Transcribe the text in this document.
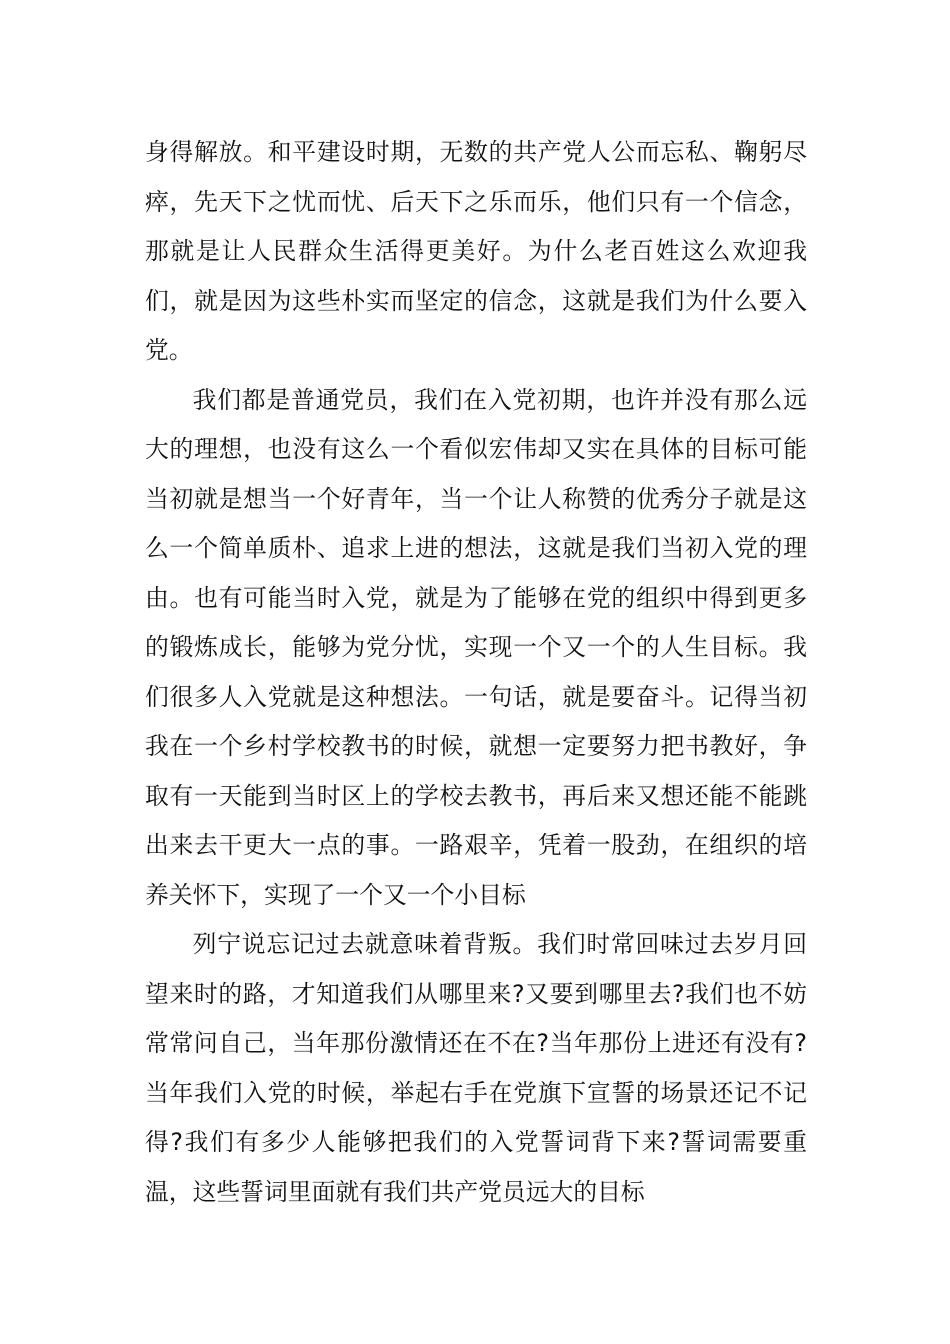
身得解放。和平建设时期，无数的共产党人公而忘私、鞠躬尽瘁，先天下之忧而忧、后天下之乐而乐，他们只有一个信念，那就是让人民群众生活得更美好。为什么老百姓这么欢迎我们，就是因为这些朴实而坚定的信念，这就是我们为什么要入党。

我们都是普通党员，我们在入党初期，也许并没有那么远大的理想，也没有这么一个看似宏伟却又实在具体的目标可能当初就是想当一个好青年，当一个让人称赞的优秀分子就是这么一个简单质朴、追求上进的想法，这就是我们当初入党的理由。也有可能当时入党，就是为了能够在党的组织中得到更多的锻炼成长，能够为党分忧，实现一个又一个的人生目标。我们很多人入党就是这种想法。一句话，就是要奋斗。记得当初我在一个乡村学校教书的时候，就想一定要努力把书教好，争取有一天能到当时区上的学校去教书，再后来又想还能不能跳出来去干更大一点的事。一路艰辛，凭着一股劲，在组织的培养关怀下，实现了一个又一个小目标

列宁说忘记过去就意味着背叛。我们时常回味过去岁月回望来时的路，才知道我们从哪里来?又要到哪里去?我们也不妨常常问自己，当年那份激情还在不在?当年那份上进还有没有?当年我们入党的时候，举起右手在党旗下宣誓的场景还记不记得?我们有多少人能够把我们的入党誓词背下来?誓词需要重温，这些誓词里面就有我们共产党员远大的目标
